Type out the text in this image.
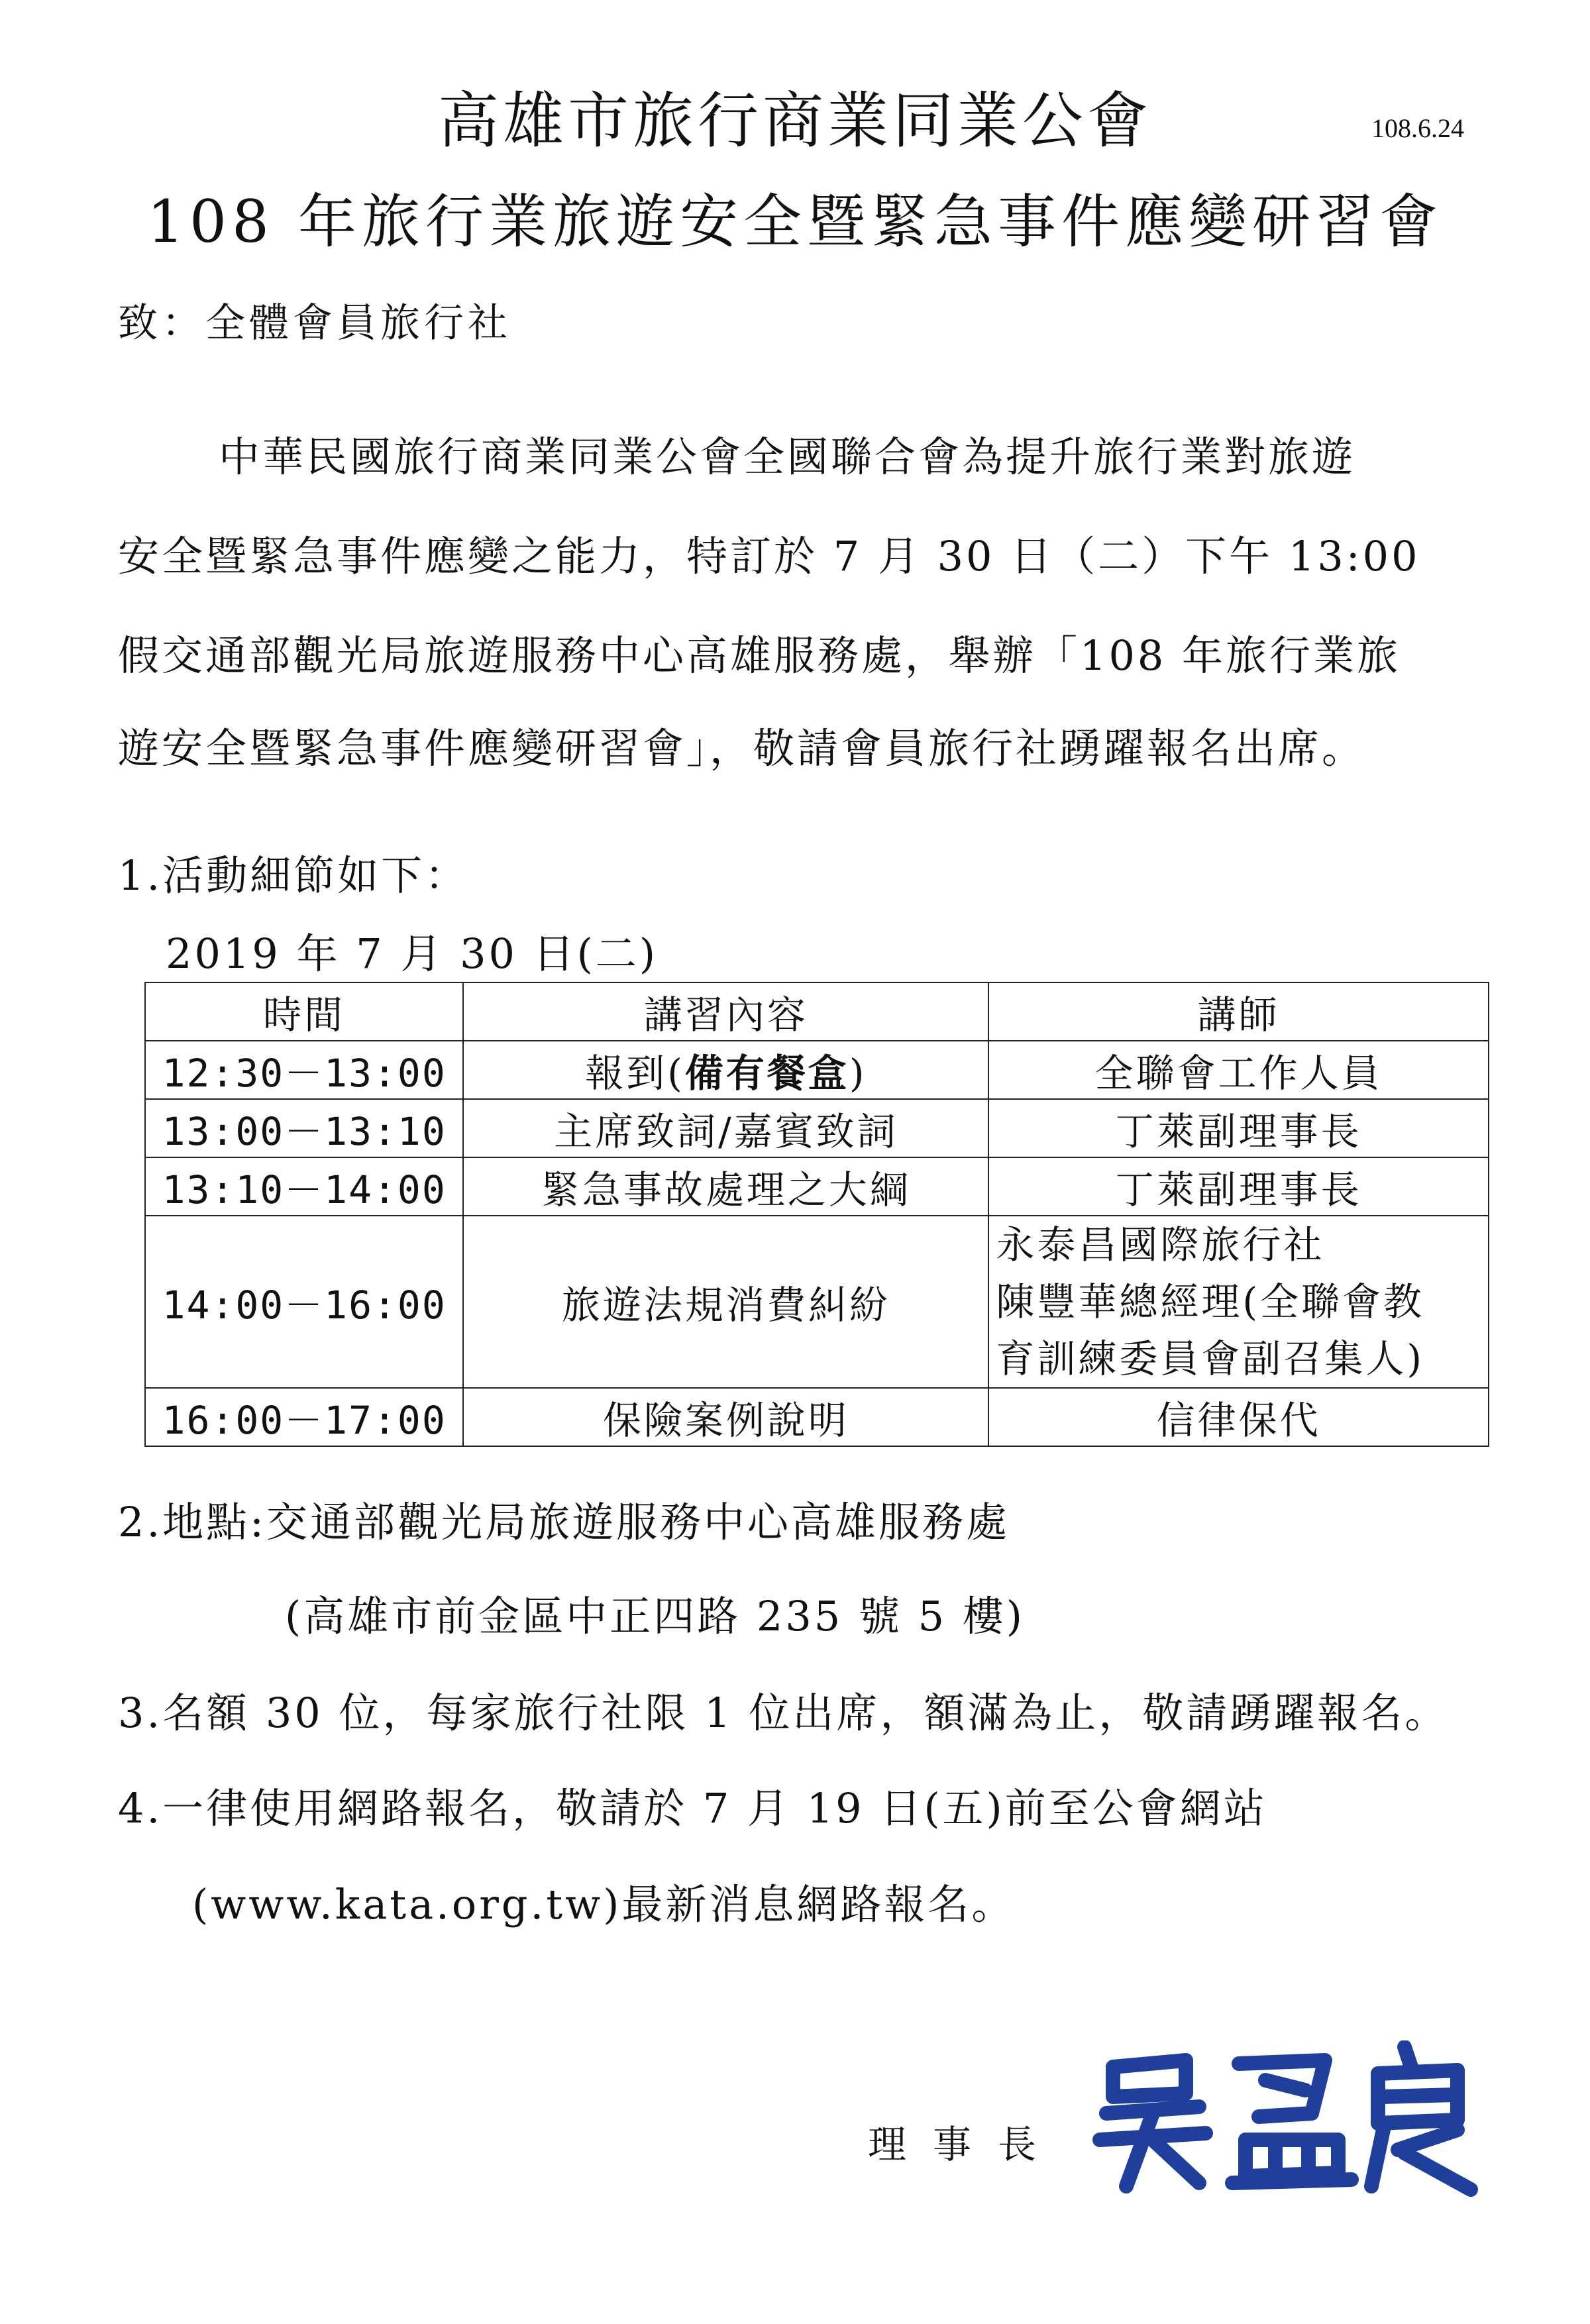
高雄市旅行商業同業公會	108.6.24
108 年旅行業旅遊安全暨緊急事件應變研習會
致：全體會員旅行社
中華民國旅行商業同業公會全國聯合會為提升旅行業對旅遊
安全暨緊急事件應變之能力，特訂於 7 月 30 日（二）下午 13:00
假交通部觀光局旅遊服務中心高雄服務處，舉辦「108 年旅行業旅
遊安全暨緊急事件應變研習會」，敬請會員旅行社踴躍報名出席。
1.活動細節如下：
2019 年 7 月 30 日(二)
時間	講習內容	講師
12:30－13:00	報到(備有餐盒)	全聯會工作人員
13:00－13:10	主席致詞/嘉賓致詞	丁萊副理事長
13:10－14:00	緊急事故處理之大綱	丁萊副理事長
14:00－16:00	旅遊法規消費糾紛	永泰昌國際旅行社
陳豐華總經理(全聯會教
育訓練委員會副召集人)

16:00－17:00	保險案例說明	信律保代
2.地點:交通部觀光局旅遊服務中心高雄服務處
(高雄市前金區中正四路 235 號 5 樓)
3.名額 30 位，每家旅行社限 1 位出席，額滿為止，敬請踴躍報名。
4.一律使用網路報名，敬請於 7 月 19 日(五)前至公會網站
(www.kata.org.tw)最新消息網路報名。
理事長
